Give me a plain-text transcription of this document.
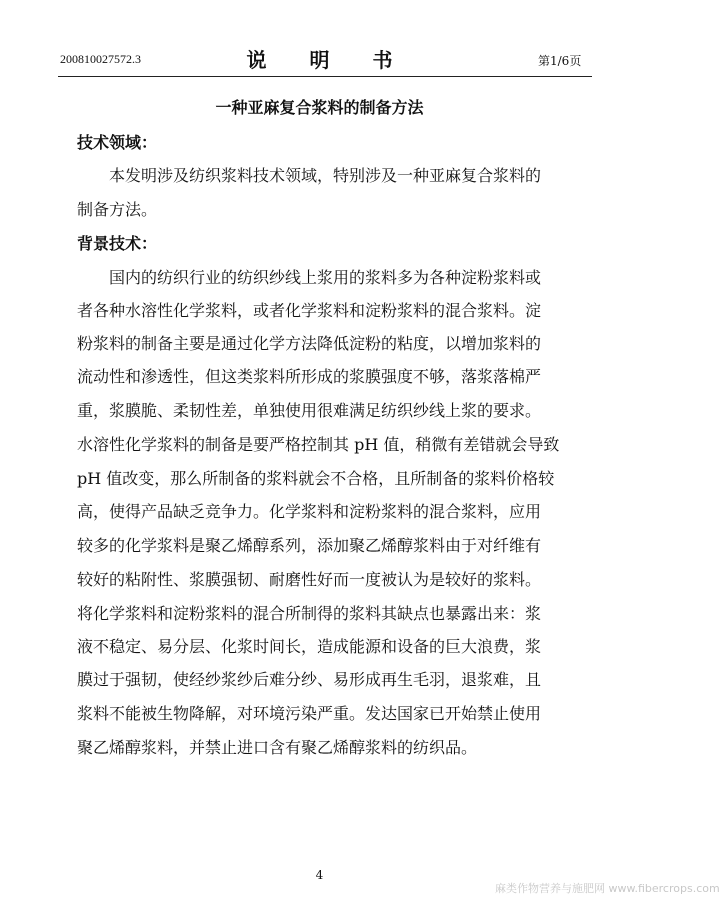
200810027572.3	说 明 书	第1/6页
一种亚麻复合浆料的制备方法
技术领域：
本发明涉及纺织浆料技术领域，特别涉及一种亚麻复合浆料的
制备方法。
背景技术：
国内的纺织行业的纺织纱线上浆用的浆料多为各种淀粉浆料或
者各种水溶性化学浆料，或者化学浆料和淀粉浆料的混合浆料。淀
粉浆料的制备主要是通过化学方法降低淀粉的粘度，以增加浆料的
流动性和渗透性，但这类浆料所形成的浆膜强度不够，落浆落棉严
重，浆膜脆、柔韧性差，单独使用很难满足纺织纱线上浆的要求。
水溶性化学浆料的制备是要严格控制其 pH 值，稍微有差错就会导致
pH 值改变，那么所制备的浆料就会不合格，且所制备的浆料价格较
高，使得产品缺乏竞争力。化学浆料和淀粉浆料的混合浆料，应用
较多的化学浆料是聚乙烯醇系列，添加聚乙烯醇浆料由于对纤维有
较好的粘附性、浆膜强韧、耐磨性好而一度被认为是较好的浆料。
将化学浆料和淀粉浆料的混合所制得的浆料其缺点也暴露出来：浆
液不稳定、易分层、化浆时间长，造成能源和设备的巨大浪费，浆
膜过于强韧，使经纱浆纱后难分纱、易形成再生毛羽，退浆难，且
浆料不能被生物降解，对环境污染严重。发达国家已开始禁止使用
聚乙烯醇浆料，并禁止进口含有聚乙烯醇浆料的纺织品。
4
麻类作物营养与施肥网 www.fibercrops.com
